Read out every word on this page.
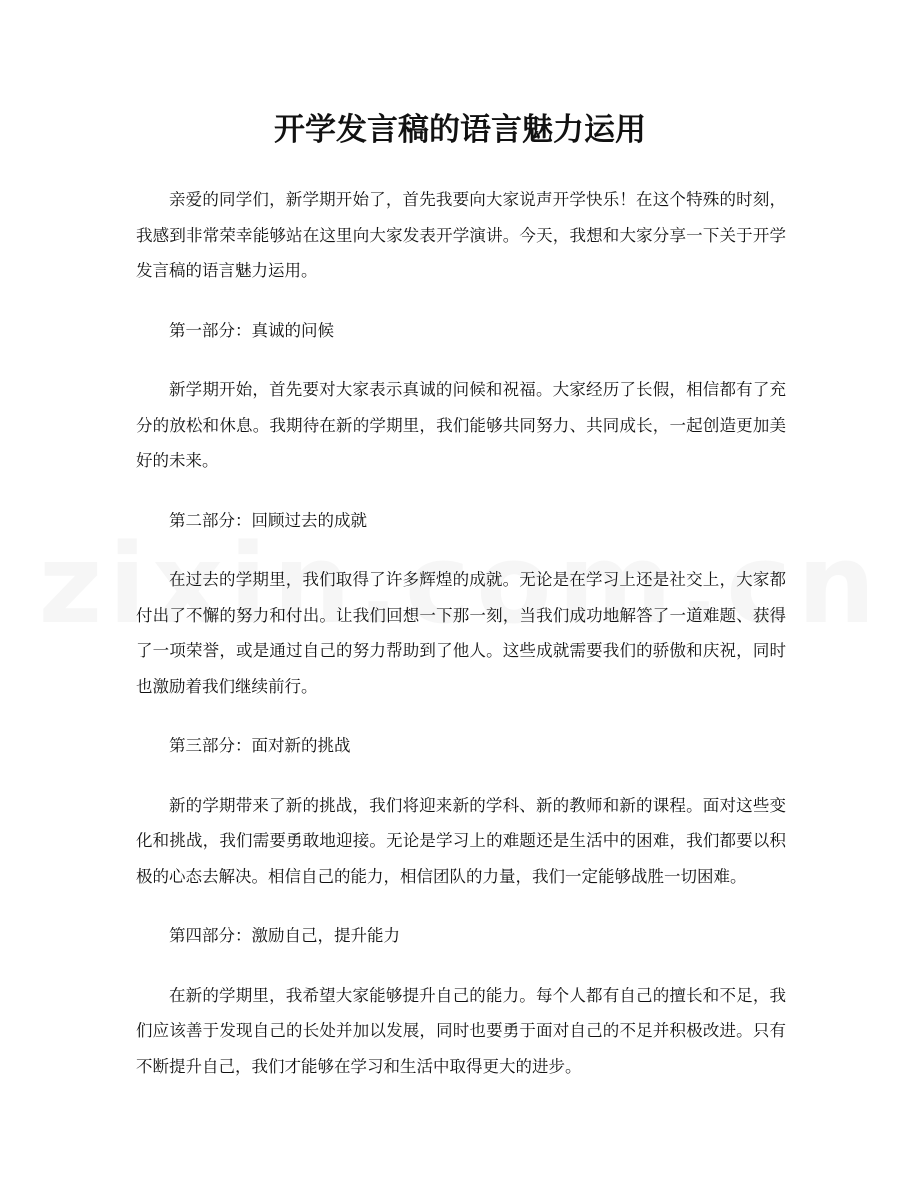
开学发言稿的语言魅力运用

亲爱的同学们，新学期开始了，首先我要向大家说声开学快乐！在这个特殊的时刻，我感到非常荣幸能够站在这里向大家发表开学演讲。今天，我想和大家分享一下关于开学发言稿的语言魅力运用。

第一部分：真诚的问候

新学期开始，首先要对大家表示真诚的问候和祝福。大家经历了长假，相信都有了充分的放松和休息。我期待在新的学期里，我们能够共同努力、共同成长，一起创造更加美好的未来。

第二部分：回顾过去的成就

在过去的学期里，我们取得了许多辉煌的成就。无论是在学习上还是社交上，大家都付出了不懈的努力和付出。让我们回想一下那一刻，当我们成功地解答了一道难题、获得了一项荣誉，或是通过自己的努力帮助到了他人。这些成就需要我们的骄傲和庆祝，同时也激励着我们继续前行。

第三部分：面对新的挑战

新的学期带来了新的挑战，我们将迎来新的学科、新的教师和新的课程。面对这些变化和挑战，我们需要勇敢地迎接。无论是学习上的难题还是生活中的困难，我们都要以积极的心态去解决。相信自己的能力，相信团队的力量，我们一定能够战胜一切困难。

第四部分：激励自己，提升能力

在新的学期里，我希望大家能够提升自己的能力。每个人都有自己的擅长和不足，我们应该善于发现自己的长处并加以发展，同时也要勇于面对自己的不足并积极改进。只有不断提升自己，我们才能够在学习和生活中取得更大的进步。
